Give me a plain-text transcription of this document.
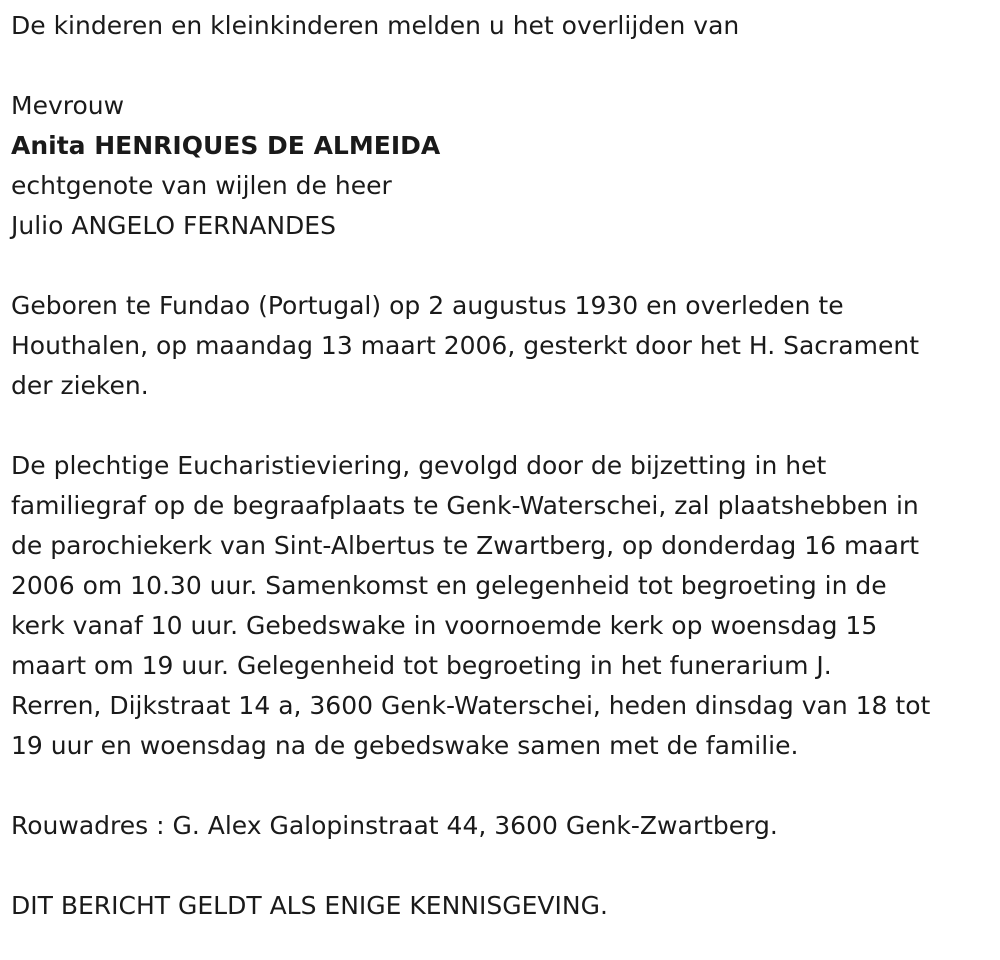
De kinderen en kleinkinderen melden u het overlijden van
Mevrouw
Anita HENRIQUES DE ALMEIDA
echtgenote van wijlen de heer
Julio ANGELO FERNANDES
Geboren te Fundao (Portugal) op 2 augustus 1930 en overleden te
Houthalen, op maandag 13 maart 2006, gesterkt door het H. Sacrament
der zieken.
De plechtige Eucharistieviering, gevolgd door de bijzetting in het
familiegraf op de begraafplaats te Genk-Waterschei, zal plaatshebben in
de parochiekerk van Sint-Albertus te Zwartberg, op donderdag 16 maart
2006 om 10.30 uur. Samenkomst en gelegenheid tot begroeting in de
kerk vanaf 10 uur. Gebedswake in voornoemde kerk op woensdag 15
maart om 19 uur. Gelegenheid tot begroeting in het funerarium J.
Rerren, Dijkstraat 14 a, 3600 Genk-Waterschei, heden dinsdag van 18 tot
19 uur en woensdag na de gebedswake samen met de familie.
Rouwadres : G. Alex Galopinstraat 44, 3600 Genk-Zwartberg.
DIT BERICHT GELDT ALS ENIGE KENNISGEVING.
